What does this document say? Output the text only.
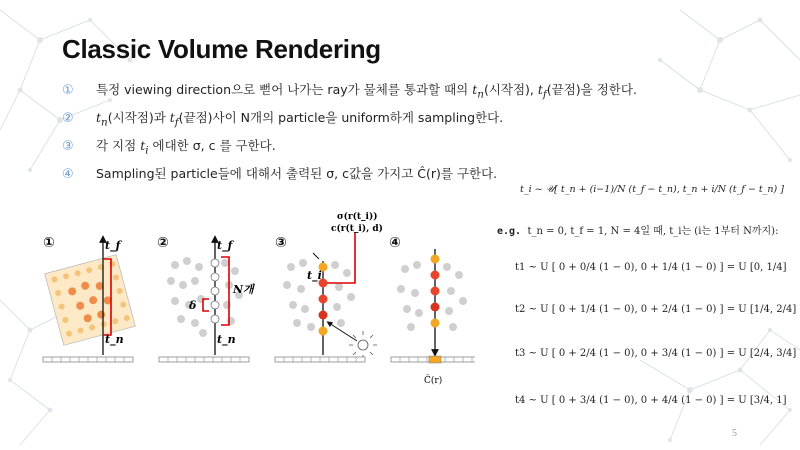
Classic Volume Rendering
① 특정 viewing direction으로 뻗어 나가는 ray가 물체를 통과할 때의 $t_n$(시작점), $t_f$(끝점)을 정한다.
② $t_n$(시작점)과 $t_f$(끝점)사이 N개의 particle을 uniform하게 sampling한다.
③ 각 지점 $t_i$ 에대한 σ, c 를 구한다.
④ Sampling된 particle들에 대해서 출력된 σ, c값을 가지고 Ĉ(r)를 구한다.
①	t_f
t_n
②	t_f
t_n
N개
δ
③
t_i
σ(r(t_i))
c(r(t_i), d)
④
Ĉ(r)
t_i ~ 𝒰[ t_n + (i−1)/N (t_f − t_n), t_n + i/N (t_f − t_n) ]
e.g. t_n = 0, t_f = 1, N = 4일 때, t_i는 (i는 1부터 N까지):
t1 ~ U [ 0 + 0/4 (1 − 0), 0 + 1/4 (1 − 0) ] = U [0, 1/4]
t2 ~ U [ 0 + 1/4 (1 − 0), 0 + 2/4 (1 − 0) ] = U [1/4, 2/4]
t3 ~ U [ 0 + 2/4 (1 − 0), 0 + 3/4 (1 − 0) ] = U [2/4, 3/4]
t4 ~ U [ 0 + 3/4 (1 − 0), 0 + 4/4 (1 − 0) ] = U [3/4, 1]
5
